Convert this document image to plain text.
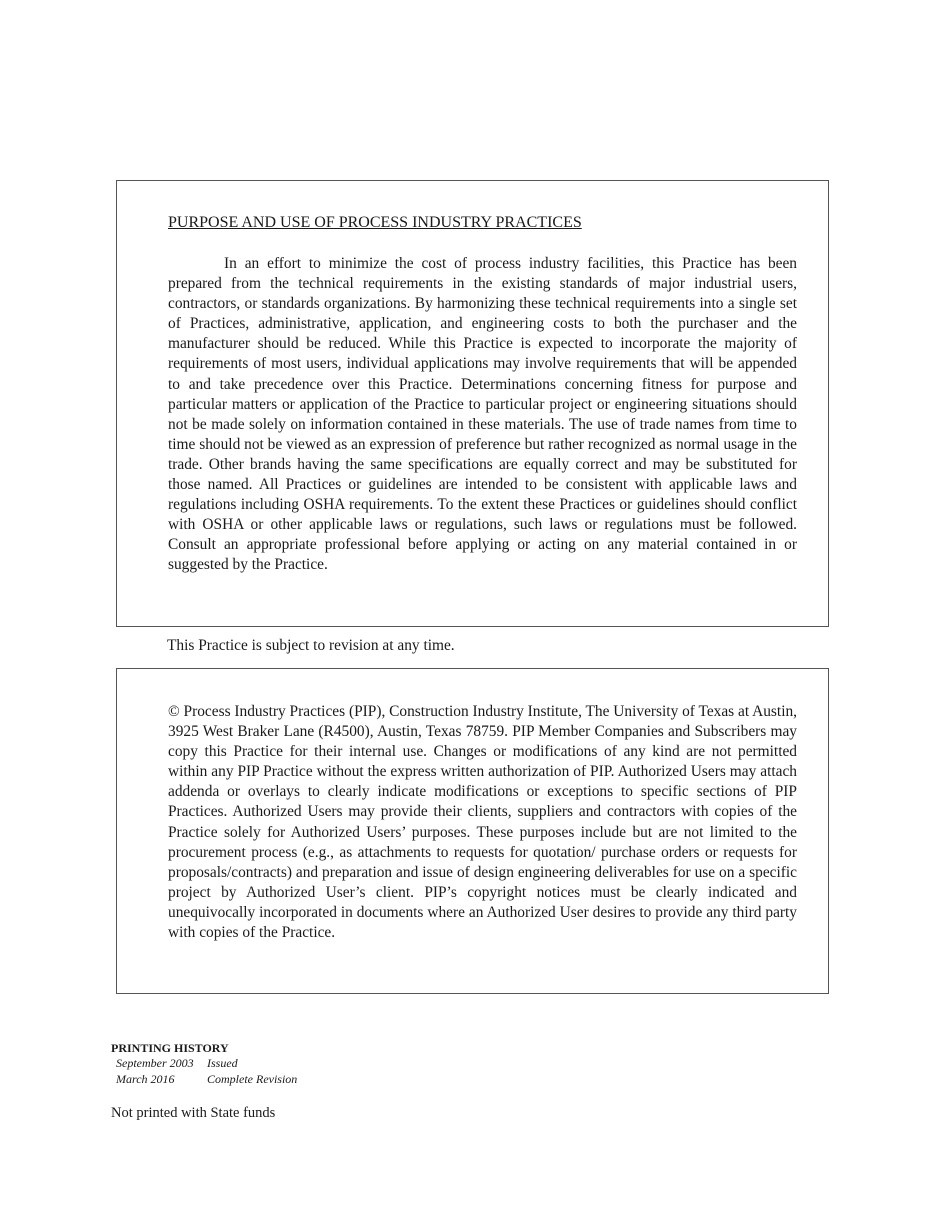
PURPOSE AND USE OF PROCESS INDUSTRY PRACTICES

In an effort to minimize the cost of process industry facilities, this Practice has been prepared from the technical requirements in the existing standards of major industrial users, contractors, or standards organizations. By harmonizing these technical requirements into a single set of Practices, administrative, application, and engineering costs to both the purchaser and the manufacturer should be reduced. While this Practice is expected to incorporate the majority of requirements of most users, individual applications may involve requirements that will be appended to and take precedence over this Practice. Determinations concerning fitness for purpose and particular matters or application of the Practice to particular project or engineering situations should not be made solely on information contained in these materials. The use of trade names from time to time should not be viewed as an expression of preference but rather recognized as normal usage in the trade. Other brands having the same specifications are equally correct and may be substituted for those named. All Practices or guidelines are intended to be consistent with applicable laws and regulations including OSHA requirements. To the extent these Practices or guidelines should conflict with OSHA or other applicable laws or regulations, such laws or regulations must be followed. Consult an appropriate professional before applying or acting on any material contained in or suggested by the Practice.

This Practice is subject to revision at any time.

© Process Industry Practices (PIP), Construction Industry Institute, The University of Texas at Austin, 3925 West Braker Lane (R4500), Austin, Texas 78759. PIP Member Companies and Subscribers may copy this Practice for their internal use. Changes or modifications of any kind are not permitted within any PIP Practice without the express written authorization of PIP. Authorized Users may attach addenda or overlays to clearly indicate modifications or exceptions to specific sections of PIP Practices. Authorized Users may provide their clients, suppliers and contractors with copies of the Practice solely for Authorized Users’ purposes. These purposes include but are not limited to the procurement process (e.g., as attachments to requests for quotation/ purchase orders or requests for proposals/contracts) and preparation and issue of design engineering deliverables for use on a specific project by Authorized User’s client. PIP’s copyright notices must be clearly indicated and unequivocally incorporated in documents where an Authorized User desires to provide any third party with copies of the Practice.

PRINTING HISTORY
September 2003 Issued
March 2016	Complete Revision
Not printed with State funds
